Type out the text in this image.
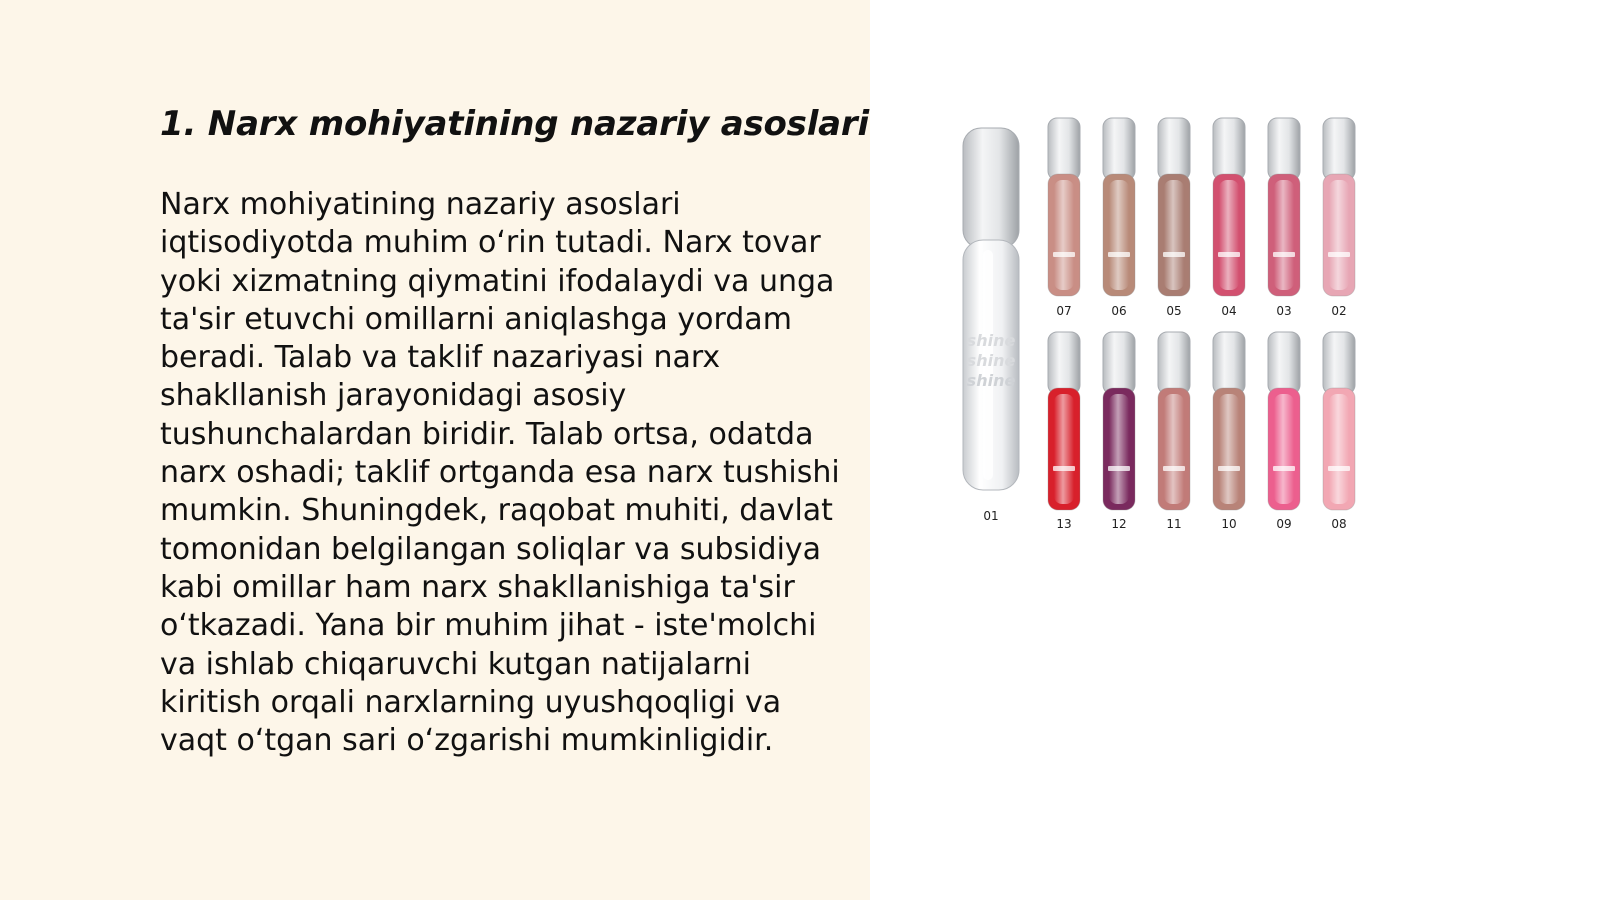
1. Narx mohiyatining nazariy asoslari

Narx mohiyatining nazariy asoslari iqtisodiyotda muhim o‘rin tutadi. Narx tovar yoki xizmatning qiymatini ifodalaydi va unga ta'sir etuvchi omillarni aniqlashga yordam beradi. Talab va taklif nazariyasi narx shakllanish jarayonidagi asosiy tushunchalardan biridir. Talab ortsa, odatda narx oshadi; taklif ortganda esa narx tushishi mumkin. Shuningdek, raqobat muhiti, davlat tomonidan belgilangan soliqlar va subsidiya kabi omillar ham narx shakllanishiga ta'sir o‘tkazadi. Yana bir muhim jihat - iste'molchi va ishlab chiqaruvchi kutgan natijalarni kiritish orqali narxlarning uyushqoqligi va vaqt o‘tgan sari o‘zgarishi mumkinligidir.

shine
shine
shine
01
07	06	05	04	03	02
13	12	11	10	09	08
